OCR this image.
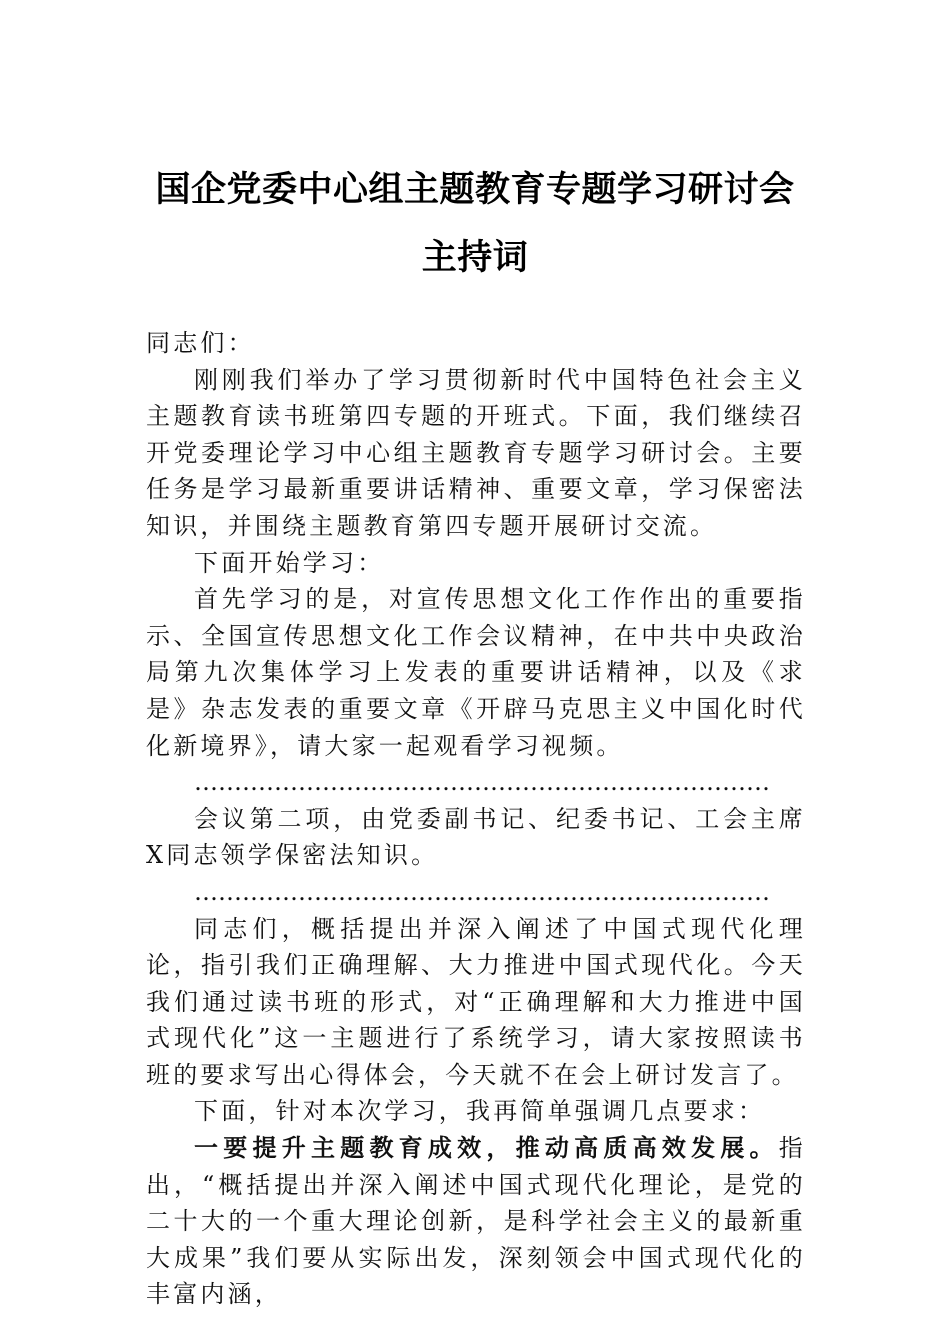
国企党委中心组主题教育专题学习研讨会
主持词

同志们：

刚刚我们举办了学习贯彻新时代中国特色社会主义主题教育读书班第四专题的开班式。下面，我们继续召开党委理论学习中心组主题教育专题学习研讨会。主要任务是学习最新重要讲话精神、重要文章，学习保密法知识，并围绕主题教育第四专题开展研讨交流。

下面开始学习：

首先学习的是，对宣传思想文化工作作出的重要指示、全国宣传思想文化工作会议精神，在中共中央政治局第九次集体学习上发表的重要讲话精神，以及《求是》杂志发表的重要文章《开辟马克思主义中国化时代化新境界》，请大家一起观看学习视频。

………………………………………………………………

会议第二项，由党委副书记、纪委书记、工会主席X同志领学保密法知识。

………………………………………………………………

同志们，概括提出并深入阐述了中国式现代化理论，指引我们正确理解、大力推进中国式现代化。今天我们通过读书班的形式，对“正确理解和大力推进中国式现代化”这一主题进行了系统学习，请大家按照读书班的要求写出心得体会，今天就不在会上研讨发言了。

下面，针对本次学习，我再简单强调几点要求：

一要提升主题教育成效，推动高质高效发展。指出，“概括提出并深入阐述中国式现代化理论，是党的二十大的一个重大理论创新，是科学社会主义的最新重大成果”我们要从实际出发，深刻领会中国式现代化的丰富内涵，
